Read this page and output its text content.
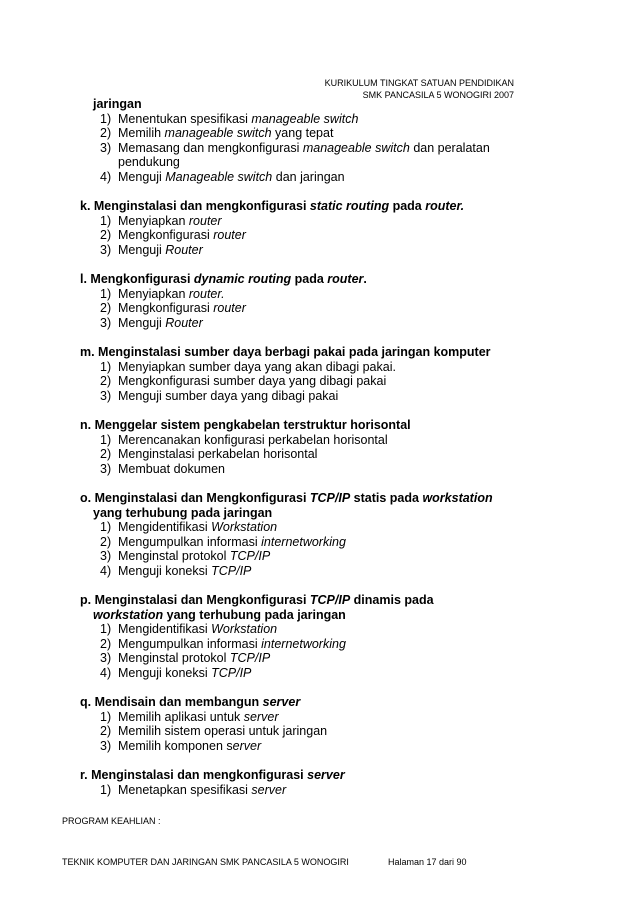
KURIKULUM TINGKAT SATUAN PENDIDIKAN
SMK PANCASILA 5 WONOGIRI 2007
jaringan
1) Menentukan spesifikasi manageable switch
2) Memilih manageable switch yang tepat
3) Memasang dan mengkonfigurasi manageable switch dan peralatan
pendukung
4) Menguji Manageable switch dan jaringan
k. Menginstalasi dan mengkonfigurasi static routing pada router.
1) Menyiapkan router
2) Mengkonfigurasi router
3) Menguji Router
l. Mengkonfigurasi dynamic routing pada router.
1) Menyiapkan router.
2) Mengkonfigurasi router
3) Menguji Router
m. Menginstalasi sumber daya berbagi pakai pada jaringan komputer
1) Menyiapkan sumber daya yang akan dibagi pakai.
2) Mengkonfigurasi sumber daya yang dibagi pakai
3) Menguji sumber daya yang dibagi pakai
n. Menggelar sistem pengkabelan terstruktur horisontal
1) Merencanakan konfigurasi perkabelan horisontal
2) Menginstalasi perkabelan horisontal
3) Membuat dokumen
o. Menginstalasi dan Mengkonfigurasi TCP/IP statis pada workstation
yang terhubung pada jaringan
1) Mengidentifikasi Workstation
2) Mengumpulkan informasi internetworking
3) Menginstal protokol TCP/IP
4) Menguji koneksi TCP/IP
p. Menginstalasi dan Mengkonfigurasi TCP/IP dinamis pada
workstation yang terhubung pada jaringan
1) Mengidentifikasi Workstation
2) Mengumpulkan informasi internetworking
3) Menginstal protokol TCP/IP
4) Menguji koneksi TCP/IP
q. Mendisain dan membangun server
1) Memilih aplikasi untuk server
2) Memilih sistem operasi untuk jaringan
3) Memilih komponen server
r. Menginstalasi dan mengkonfigurasi server
1) Menetapkan spesifikasi server
PROGRAM KEAHLIAN :
TEKNIK KOMPUTER DAN JARINGAN SMK PANCASILA 5 WONOGIRI	Halaman 17 dari 90
